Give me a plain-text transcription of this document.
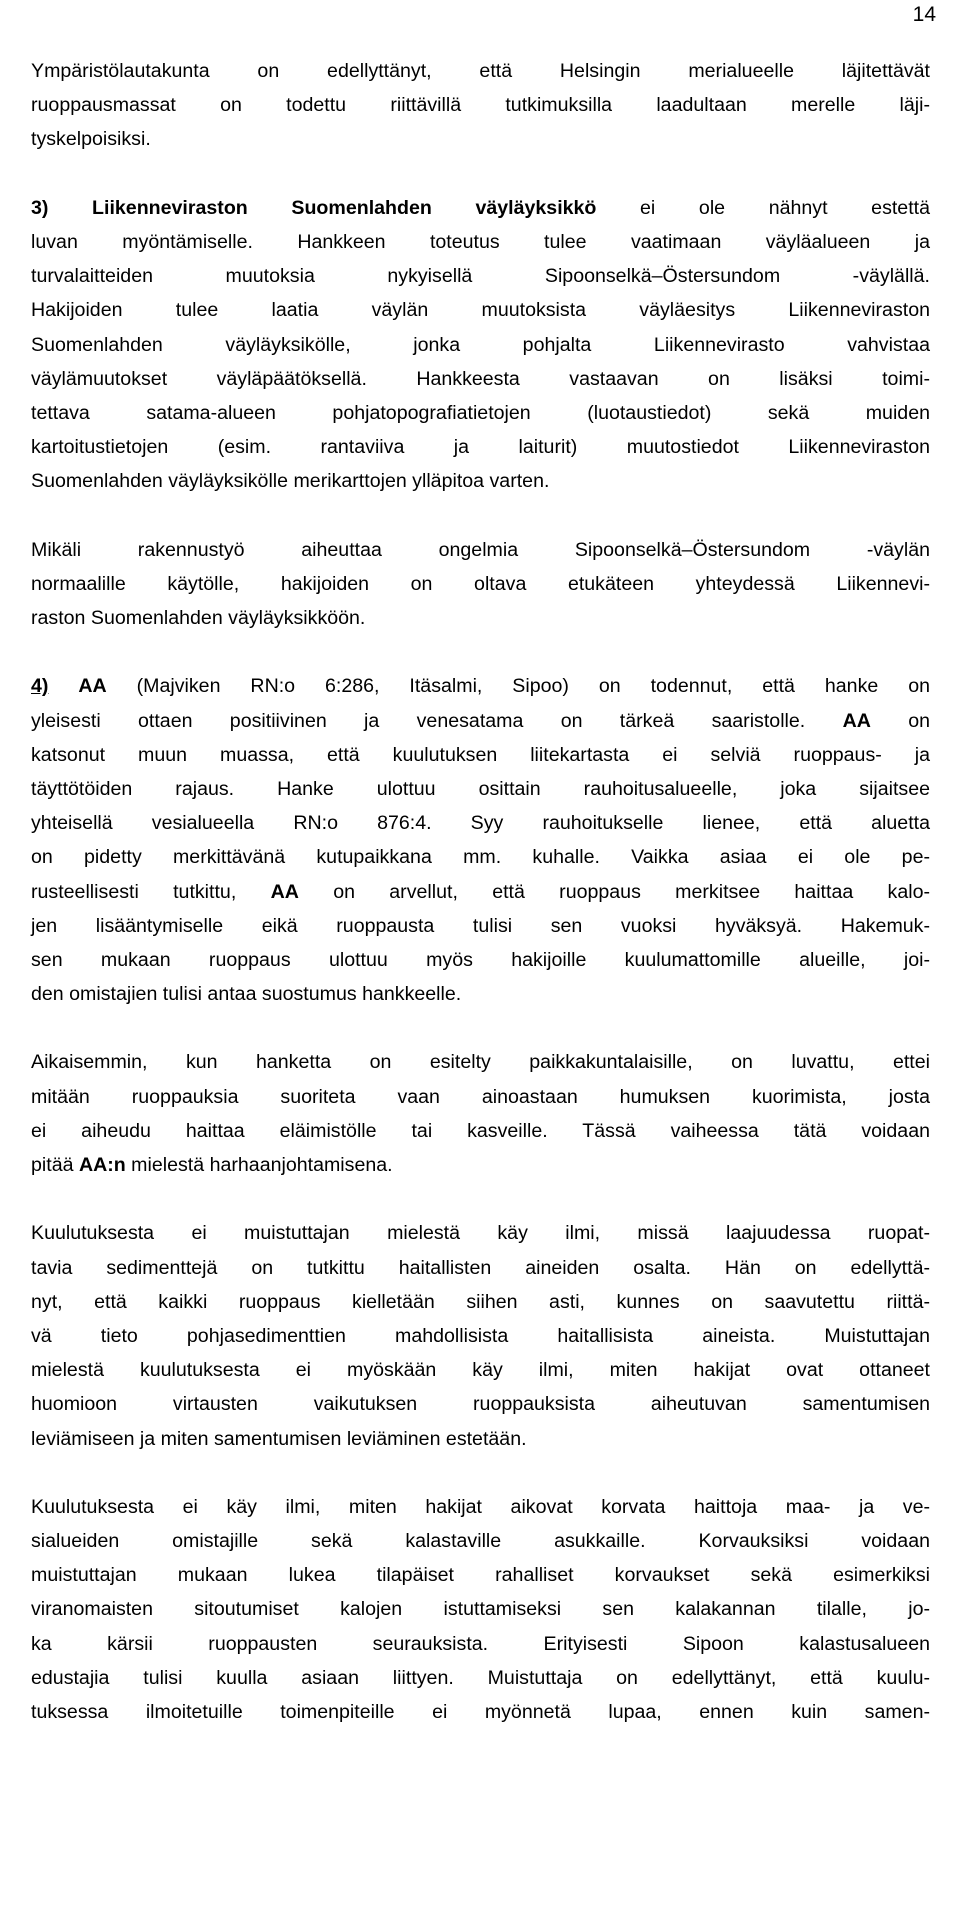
14
Ympäristölautakunta on edellyttänyt, että Helsingin merialueelle läjitettävät
ruoppausmassat on todettu riittävillä tutkimuksilla laadultaan merelle läji-
tyskelpoisiksi.
3) Liikenneviraston Suomenlahden väyläyksikkö ei ole nähnyt estettä
luvan myöntämiselle. Hankkeen toteutus tulee vaatimaan väyläalueen ja
turvalaitteiden muutoksia nykyisellä Sipoonselkä–Östersundom -väylällä.
Hakijoiden tulee laatia väylän muutoksista väyläesitys Liikenneviraston
Suomenlahden väyläyksikölle, jonka pohjalta Liikennevirasto vahvistaa
väylämuutokset väyläpäätöksellä. Hankkeesta vastaavan on lisäksi toimi-
tettava satama-alueen pohjatopografiatietojen (luotaustiedot) sekä muiden
kartoitustietojen (esim. rantaviiva ja laiturit) muutostiedot Liikenneviraston
Suomenlahden väyläyksikölle merikarttojen ylläpitoa varten.
Mikäli rakennustyö aiheuttaa ongelmia Sipoonselkä–Östersundom -väylän
normaalille käytölle, hakijoiden on oltava etukäteen yhteydessä Liikennevi-
raston Suomenlahden väyläyksikköön.
4) AA (Majviken RN:o 6:286, Itäsalmi, Sipoo) on todennut, että hanke on
yleisesti ottaen positiivinen ja venesatama on tärkeä saaristolle. AA on
katsonut muun muassa, että kuulutuksen liitekartasta ei selviä ruoppaus- ja
täyttötöiden rajaus. Hanke ulottuu osittain rauhoitusalueelle, joka sijaitsee
yhteisellä vesialueella RN:o 876:4. Syy rauhoitukselle lienee, että aluetta
on pidetty merkittävänä kutupaikkana mm. kuhalle. Vaikka asiaa ei ole pe-
rusteellisesti tutkittu, AA on arvellut, että ruoppaus merkitsee haittaa kalo-
jen lisääntymiselle eikä ruoppausta tulisi sen vuoksi hyväksyä. Hakemuk-
sen mukaan ruoppaus ulottuu myös hakijoille kuulumattomille alueille, joi-
den omistajien tulisi antaa suostumus hankkeelle.
Aikaisemmin, kun hanketta on esitelty paikkakuntalaisille, on luvattu, ettei
mitään ruoppauksia suoriteta vaan ainoastaan humuksen kuorimista, josta
ei aiheudu haittaa eläimistölle tai kasveille. Tässä vaiheessa tätä voidaan
pitää AA:n mielestä harhaanjohtamisena.
Kuulutuksesta ei muistuttajan mielestä käy ilmi, missä laajuudessa ruopat-
tavia sedimenttejä on tutkittu haitallisten aineiden osalta. Hän on edellyttä-
nyt, että kaikki ruoppaus kielletään siihen asti, kunnes on saavutettu riittä-
vä tieto pohjasedimenttien mahdollisista haitallisista aineista. Muistuttajan
mielestä kuulutuksesta ei myöskään käy ilmi, miten hakijat ovat ottaneet
huomioon virtausten vaikutuksen ruoppauksista aiheutuvan samentumisen
leviämiseen ja miten samentumisen leviäminen estetään.
Kuulutuksesta ei käy ilmi, miten hakijat aikovat korvata haittoja maa- ja ve-
sialueiden omistajille sekä kalastaville asukkaille. Korvauksiksi voidaan
muistuttajan mukaan lukea tilapäiset rahalliset korvaukset sekä esimerkiksi
viranomaisten sitoutumiset kalojen istuttamiseksi sen kalakannan tilalle, jo-
ka kärsii ruoppausten seurauksista. Erityisesti Sipoon kalastusalueen
edustajia tulisi kuulla asiaan liittyen. Muistuttaja on edellyttänyt, että kuulu-
tuksessa ilmoitetuille toimenpiteille ei myönnetä lupaa, ennen kuin samen-
